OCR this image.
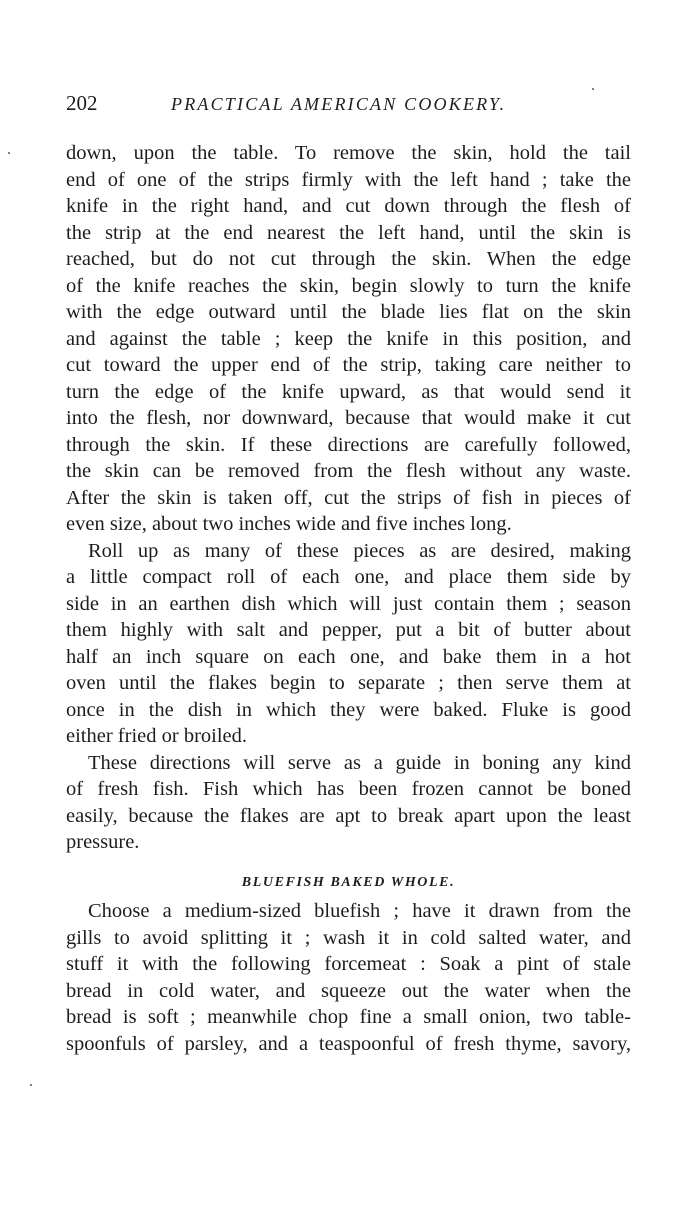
202	PRACTICAL AMERICAN COOKERY.
down, upon the table. To remove the skin, hold the tail
end of one of the strips firmly with the left hand ; take the
knife in the right hand, and cut down through the flesh of
the strip at the end nearest the left hand, until the skin is
reached, but do not cut through the skin. When the edge
of the knife reaches the skin, begin slowly to turn the knife
with the edge outward until the blade lies flat on the skin
and against the table ; keep the knife in this position, and
cut toward the upper end of the strip, taking care neither to
turn the edge of the knife upward, as that would send it
into the flesh, nor downward, because that would make it cut
through the skin. If these directions are carefully followed,
the skin can be removed from the flesh without any waste.
After the skin is taken off, cut the strips of fish in pieces of
even size, about two inches wide and five inches long.
Roll up as many of these pieces as are desired, making
a little compact roll of each one, and place them side by
side in an earthen dish which will just contain them ; season
them highly with salt and pepper, put a bit of butter about
half an inch square on each one, and bake them in a hot
oven until the flakes begin to separate ; then serve them at
once in the dish in which they were baked. Fluke is good
either fried or broiled.
These directions will serve as a guide in boning any kind
of fresh fish. Fish which has been frozen cannot be boned
easily, because the flakes are apt to break apart upon the least
pressure.
BLUEFISH BAKED WHOLE.
Choose a medium-sized bluefish ; have it drawn from the
gills to avoid splitting it ; wash it in cold salted water, and
stuff it with the following forcemeat : Soak a pint of stale
bread in cold water, and squeeze out the water when the
bread is soft ; meanwhile chop fine a small onion, two table-
spoonfuls of parsley, and a teaspoonful of fresh thyme, savory,
